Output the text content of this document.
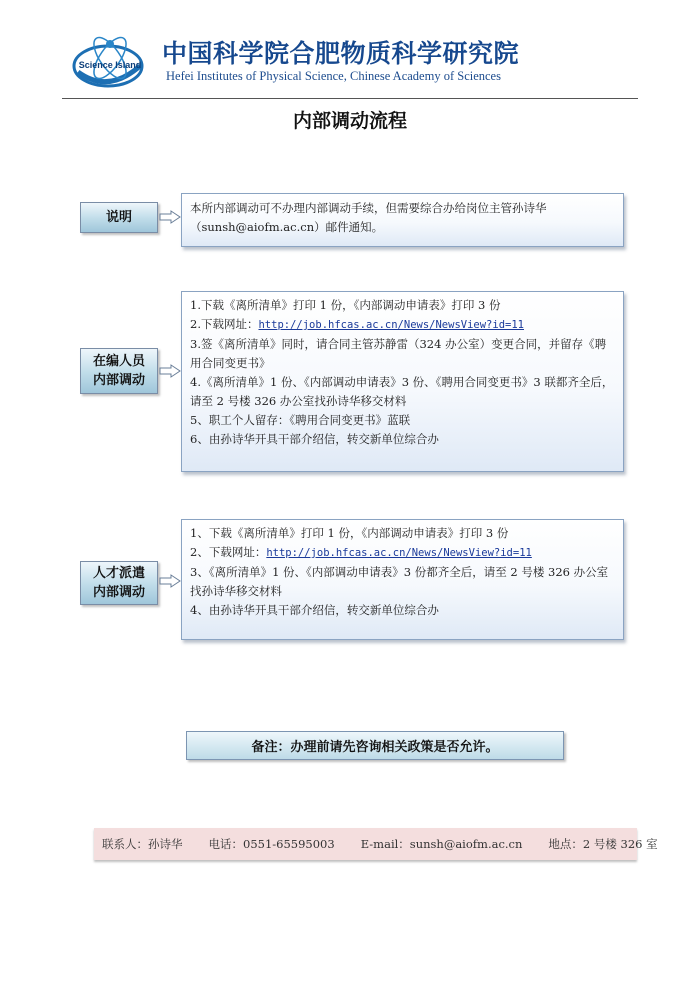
Science Island 中国科学院合肥物质科学研究院
Hefei Institutes of Physical Science, Chinese Academy of Sciences
内部调动流程
说明

本所内部调动可不办理内部调动手续，但需要综合办给岗位主管孙诗华（sunsh@aiofm.ac.cn）邮件通知。

在编人员
内部调动

1.下载《离所清单》打印 1 份，《内部调动申请表》打印 3 份

2.下载网址：http://job.hfcas.ac.cn/News/NewsView?id=11

3.签《离所清单》同时，请合同主管苏静雷（324 办公室）变更合同，并留存《聘用合同变更书》

4.《离所清单》1 份、《内部调动申请表》3 份、《聘用合同变更书》3 联都齐全后，请至 2 号楼 326 办公室找孙诗华移交材料

5、职工个人留存：《聘用合同变更书》蓝联

6、由孙诗华开具干部介绍信，转交新单位综合办

人才派遣
内部调动

1、下载《离所清单》打印 1 份，《内部调动申请表》打印 3 份

2、下载网址：http://job.hfcas.ac.cn/News/NewsView?id=11

3、《离所清单》1 份、《内部调动申请表》3 份都齐全后，请至 2 号楼 326 办公室找孙诗华移交材料

4、由孙诗华开具干部介绍信，转交新单位综合办

备注：办理前请先咨询相关政策是否允许。
联系人：孙诗华 电话：0551-65595003 E-mail：sunsh@aiofm.ac.cn 地点：2 号楼 326 室
